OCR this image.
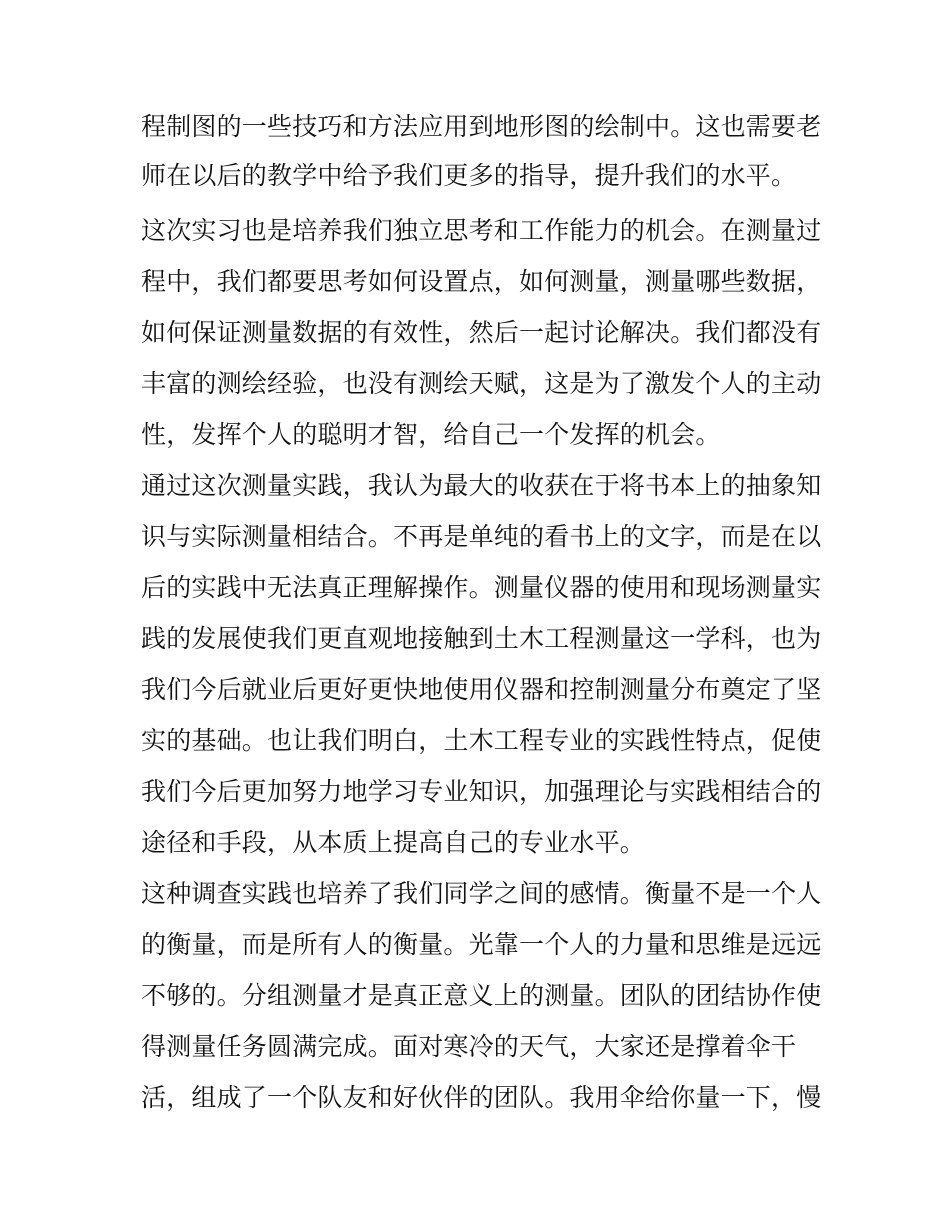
程制图的一些技巧和方法应用到地形图的绘制中。这也需要老
师在以后的教学中给予我们更多的指导，提升我们的水平。
这次实习也是培养我们独立思考和工作能力的机会。在测量过
程中，我们都要思考如何设置点，如何测量，测量哪些数据，
如何保证测量数据的有效性，然后一起讨论解决。我们都没有
丰富的测绘经验，也没有测绘天赋，这是为了激发个人的主动
性，发挥个人的聪明才智，给自己一个发挥的机会。
通过这次测量实践，我认为最大的收获在于将书本上的抽象知
识与实际测量相结合。不再是单纯的看书上的文字，而是在以
后的实践中无法真正理解操作。测量仪器的使用和现场测量实
践的发展使我们更直观地接触到土木工程测量这一学科，也为
我们今后就业后更好更快地使用仪器和控制测量分布奠定了坚
实的基础。也让我们明白，土木工程专业的实践性特点，促使
我们今后更加努力地学习专业知识，加强理论与实践相结合的
途径和手段，从本质上提高自己的专业水平。
这种调查实践也培养了我们同学之间的感情。衡量不是一个人
的衡量，而是所有人的衡量。光靠一个人的力量和思维是远远
不够的。分组测量才是真正意义上的测量。团队的团结协作使
得测量任务圆满完成。面对寒冷的天气，大家还是撑着伞干
活，组成了一个队友和好伙伴的团队。我用伞给你量一下，慢
